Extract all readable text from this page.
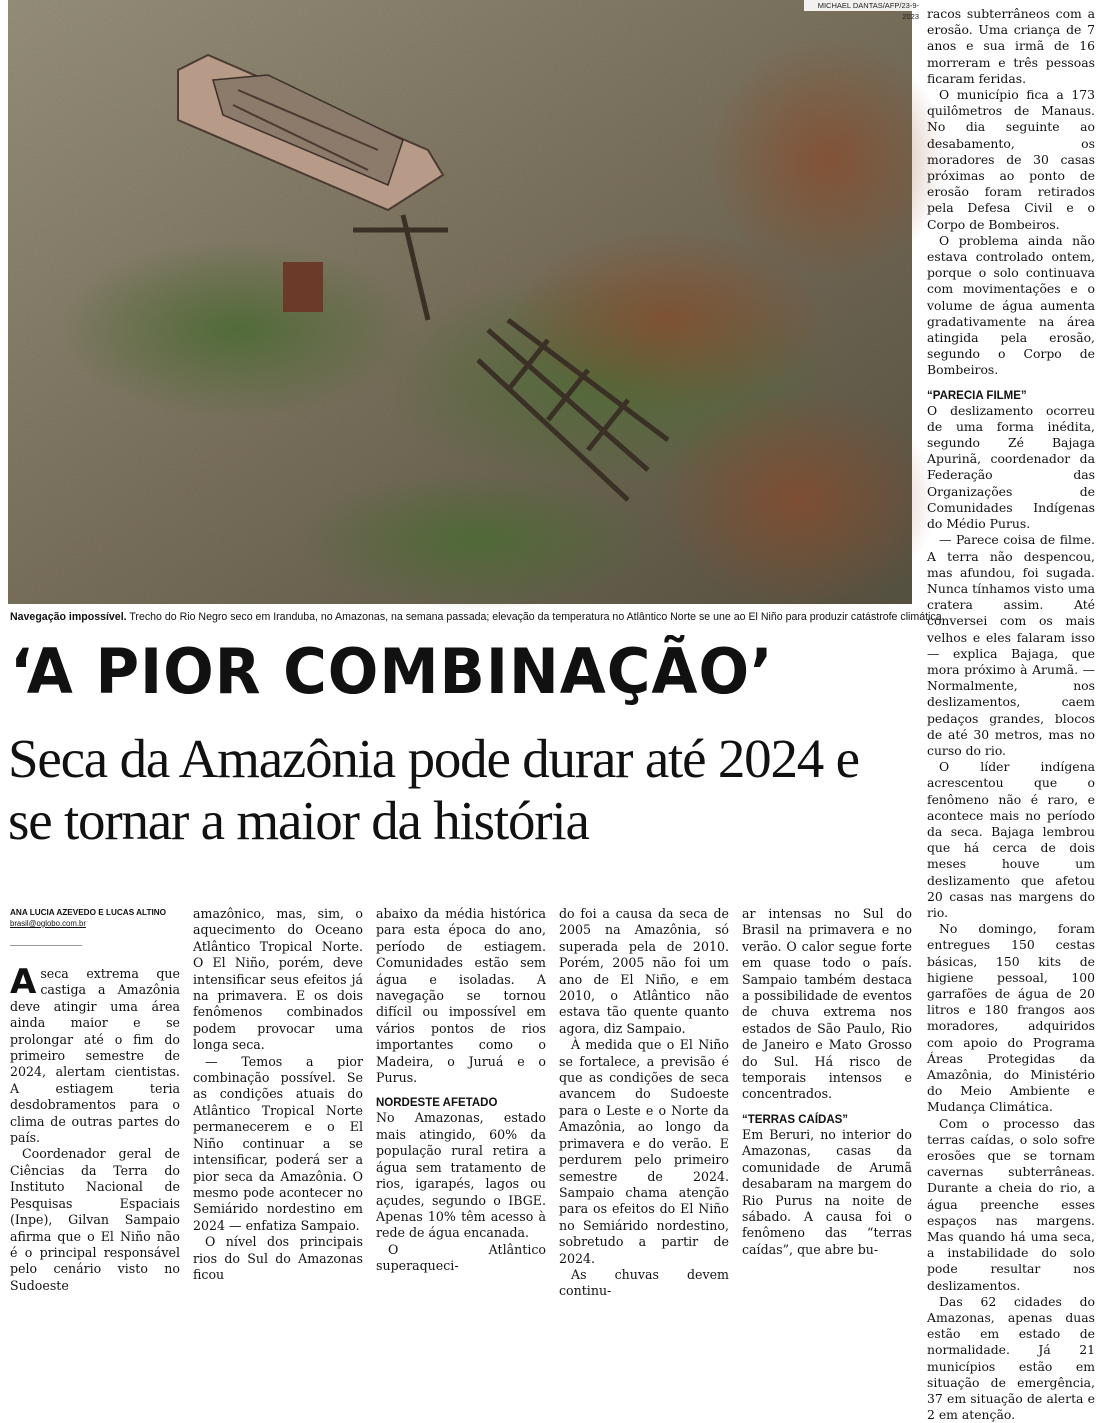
MICHAEL DANTAS/AFP/23-9-2023
Navegação impossível. Trecho do Rio Negro seco em Iranduba, no Amazonas, na semana passada; elevação da temperatura no Atlântico Norte se une ao El Niño para produzir catástrofe climática
‘A PIOR COMBINAÇÃO’
Seca da Amazônia pode durar até 2024 e se tornar a maior da história
ANA LUCIA AZEVEDO E LUCAS ALTINO
brasil@oglobo.com.br

Aseca extrema que castiga a Amazônia deve atingir uma área ainda maior e se prolongar até o fim do primeiro semestre de 2024, alertam cientistas. A estiagem teria desdobramentos para o clima de outras partes do país.

Coordenador geral de Ciências da Terra do Instituto Nacional de Pesquisas Espaciais (Inpe), Gilvan Sampaio afirma que o El Niño não é o principal responsável pelo cenário visto no Sudoeste

amazônico, mas, sim, o aquecimento do Oceano Atlântico Tropical Norte. O El Niño, porém, deve intensificar seus efeitos já na primavera. E os dois fenômenos combinados podem provocar uma longa seca.

— Temos a pior combinação possível. Se as condições atuais do Atlântico Tropical Norte permanecerem e o El Niño continuar a se intensificar, poderá ser a pior seca da Amazônia. O mesmo pode acontecer no Semiárido nordestino em 2024 — enfatiza Sampaio.

O nível dos principais rios do Sul do Amazonas ficou

abaixo da média histórica para esta época do ano, período de estiagem. Comunidades estão sem água e isoladas. A navegação se tornou difícil ou impossível em vários pontos de rios importantes como o Madeira, o Juruá e o Purus.

NORDESTE AFETADO

No Amazonas, estado mais atingido, 60% da população rural retira a água sem tratamento de rios, igarapés, lagos ou açudes, segundo o IBGE. Apenas 10% têm acesso à rede de água encanada.

O Atlântico superaqueci-

do foi a causa da seca de 2005 na Amazônia, só superada pela de 2010. Porém, 2005 não foi um ano de El Niño, e em 2010, o Atlântico não estava tão quente quanto agora, diz Sampaio.

À medida que o El Niño se fortalece, a previsão é que as condições de seca avancem do Sudoeste para o Leste e o Norte da Amazônia, ao longo da primavera e do verão. E perdurem pelo primeiro semestre de 2024. Sampaio chama atenção para os efeitos do El Niño no Semiárido nordestino, sobretudo a partir de 2024.

As chuvas devem continu-

ar intensas no Sul do Brasil na primavera e no verão. O calor segue forte em quase todo o país. Sampaio também destaca a possibilidade de eventos de chuva extrema nos estados de São Paulo, Rio de Janeiro e Mato Grosso do Sul. Há risco de temporais intensos e concentrados.

“TERRAS CAÍDAS”

Em Beruri, no interior do Amazonas, casas da comunidade de Arumã desabaram na margem do Rio Purus na noite de sábado. A causa foi o fenômeno das “terras caídas”, que abre bu-

racos subterrâneos com a erosão. Uma criança de 7 anos e sua irmã de 16 morreram e três pessoas ficaram feridas.

O município fica a 173 quilômetros de Manaus. No dia seguinte ao desabamento, os moradores de 30 casas próximas ao ponto de erosão foram retirados pela Defesa Civil e o Corpo de Bombeiros.

O problema ainda não estava controlado ontem, porque o solo continuava com movimentações e o volume de água aumenta gradativamente na área atingida pela erosão, segundo o Corpo de Bombeiros.

“PARECIA FILME”

O deslizamento ocorreu de uma forma inédita, segundo Zé Bajaga Apurinã, coordenador da Federação das Organizações de Comunidades Indígenas do Médio Purus.

— Parece coisa de filme. A terra não despencou, mas afundou, foi sugada. Nunca tínhamos visto uma cratera assim. Até conversei com os mais velhos e eles falaram isso — explica Bajaga, que mora próximo à Arumã. — Normalmente, nos deslizamentos, caem pedaços grandes, blocos de até 30 metros, mas no curso do rio.

O líder indígena acrescentou que o fenômeno não é raro, e acontece mais no período da seca. Bajaga lembrou que há cerca de dois meses houve um deslizamento que afetou 20 casas nas margens do rio.

No domingo, foram entregues 150 cestas básicas, 150 kits de higiene pessoal, 100 garrafões de água de 20 litros e 180 frangos aos moradores, adquiridos com apoio do Programa Áreas Protegidas da Amazônia, do Ministério do Meio Ambiente e Mudança Climática.

Com o processo das terras caídas, o solo sofre erosões que se tornam cavernas subterrâneas. Durante a cheia do rio, a água preenche esses espaços nas margens. Mas quando há uma seca, a instabilidade do solo pode resultar nos deslizamentos.

Das 62 cidades do Amazonas, apenas duas estão em estado de normalidade. Já 21 municípios estão em situação de emergência, 37 em situação de alerta e 2 em atenção.
